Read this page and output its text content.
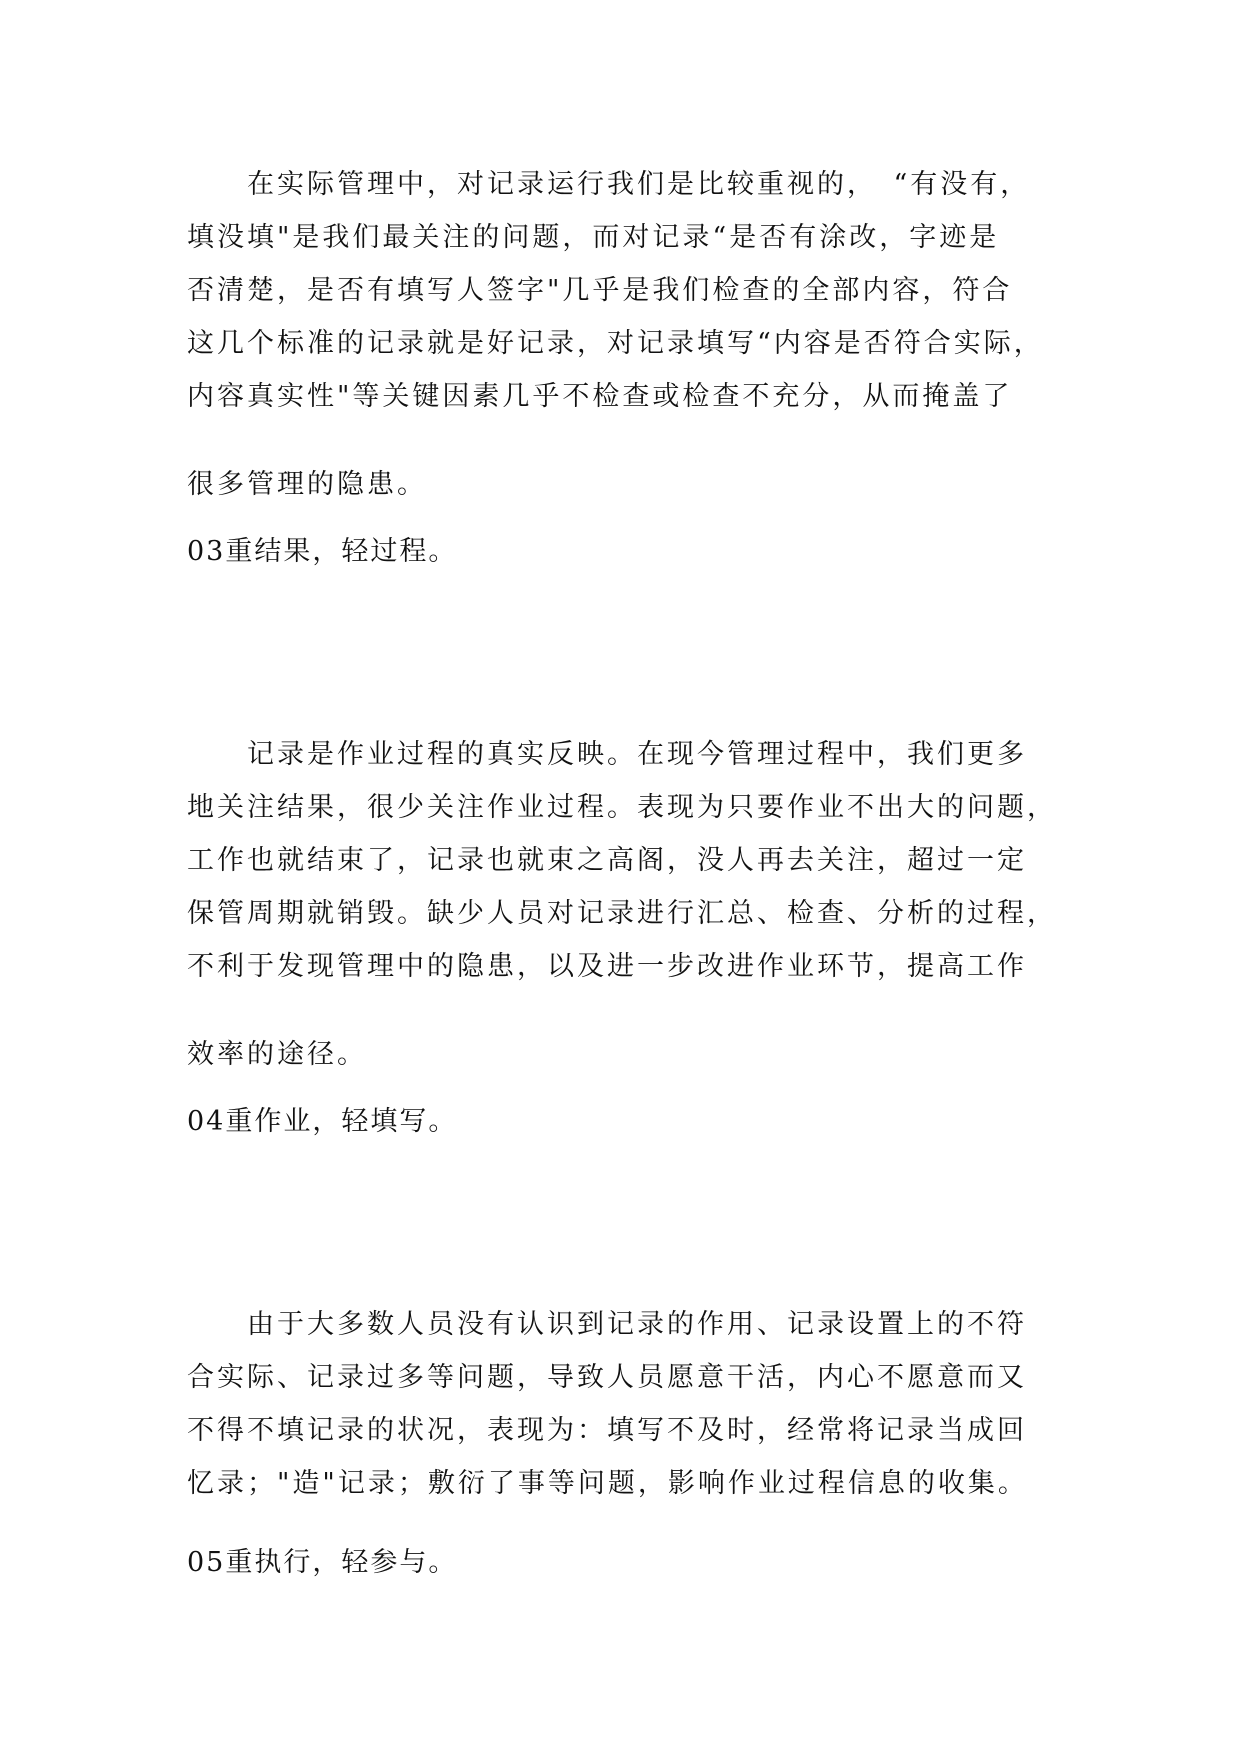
　　在实际管理中，对记录运行我们是比较重视的，　“有没有，
填没填"是我们最关注的问题，而对记录“是否有涂改，字迹是
否清楚，是否有填写人签字"几乎是我们检查的全部内容，符合
这几个标准的记录就是好记录，对记录填写“内容是否符合实际，
内容真实性"等关键因素几乎不检查或检查不充分，从而掩盖了
很多管理的隐患。
03重结果，轻过程。
　　记录是作业过程的真实反映。在现今管理过程中，我们更多
地关注结果，很少关注作业过程。表现为只要作业不出大的问题，
工作也就结束了，记录也就束之高阁，没人再去关注，超过一定
保管周期就销毁。缺少人员对记录进行汇总、检查、分析的过程，
不利于发现管理中的隐患，以及进一步改进作业环节，提高工作
效率的途径。
04重作业，轻填写。
　　由于大多数人员没有认识到记录的作用、记录设置上的不符
合实际、记录过多等问题，导致人员愿意干活，内心不愿意而又
不得不填记录的状况，表现为：填写不及时，经常将记录当成回
忆录；"造"记录；敷衍了事等问题，影响作业过程信息的收集。
05重执行，轻参与。
